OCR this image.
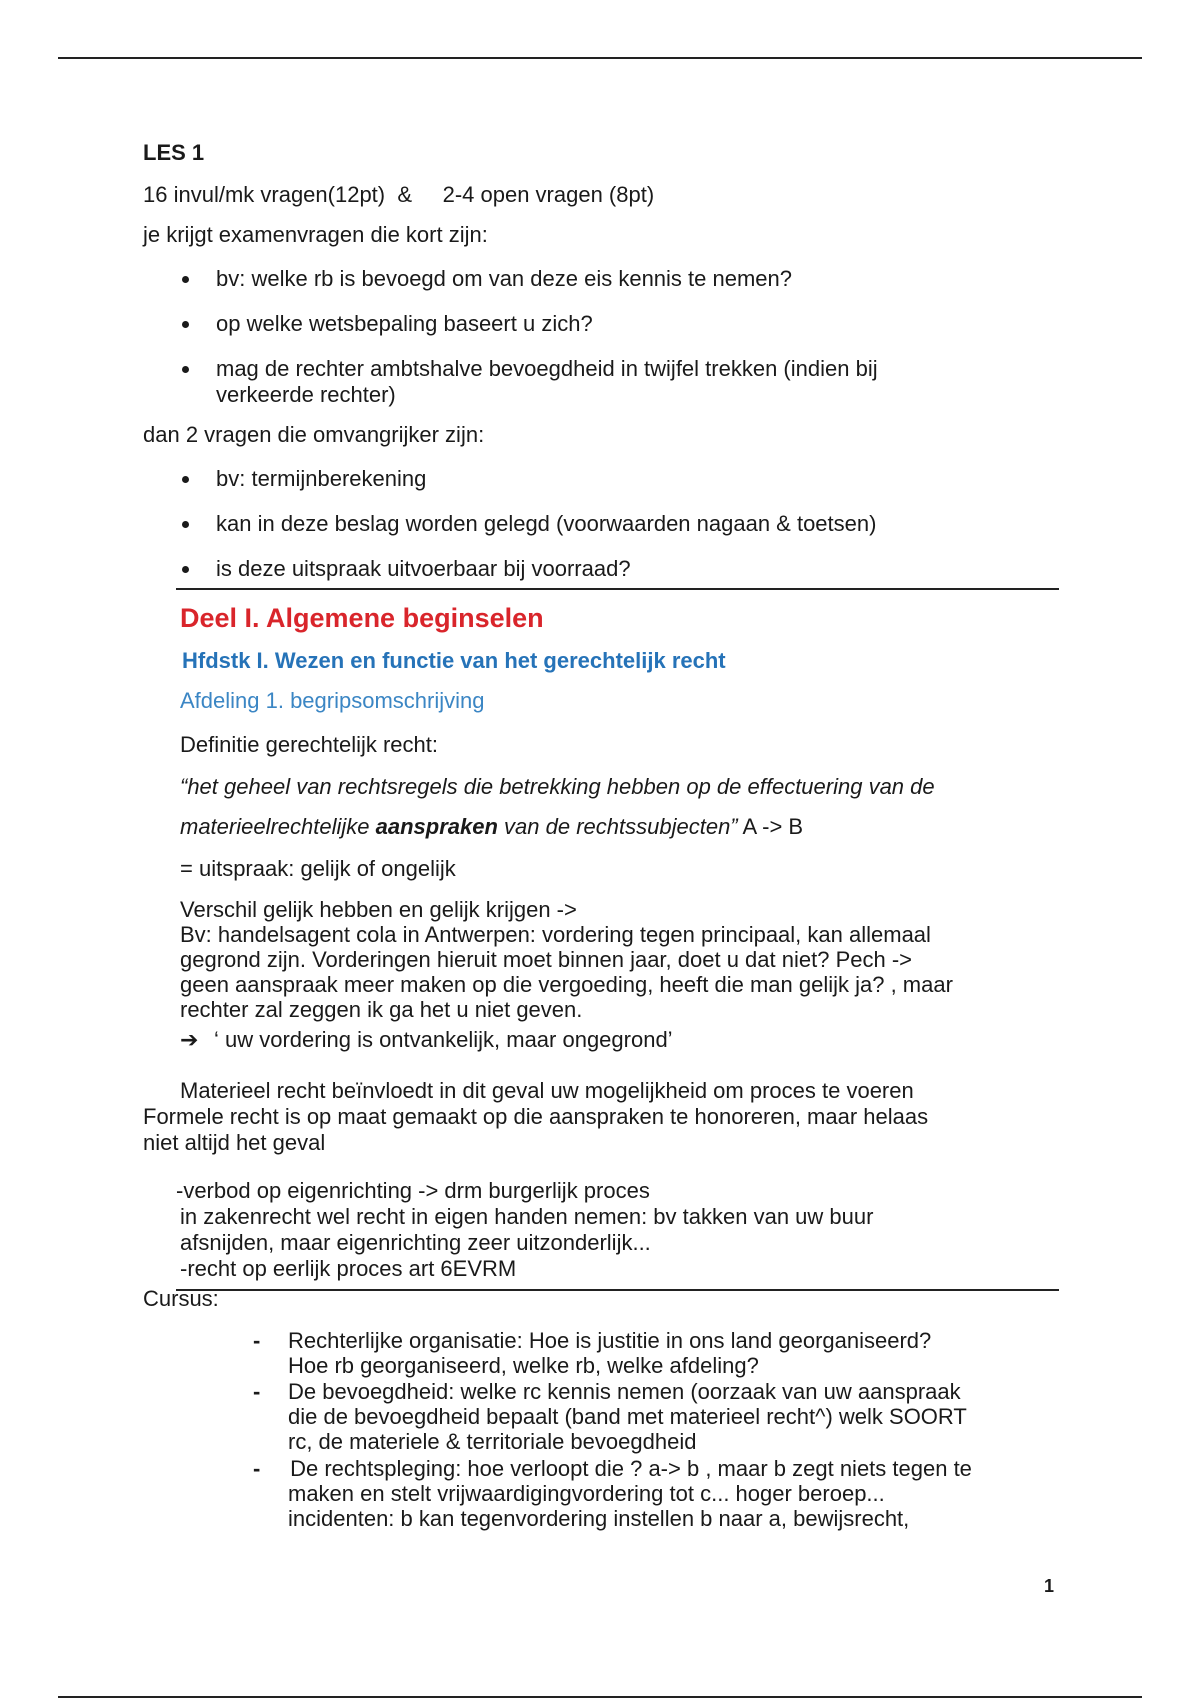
LES 1
16 invul/mk vragen(12pt)  &     2-4 open vragen (8pt)
je krijgt examenvragen die kort zijn:
bv: welke rb is bevoegd om van deze eis kennis te nemen?
op welke wetsbepaling baseert u zich?
mag de rechter ambtshalve bevoegdheid in twijfel trekken (indien bij
verkeerde rechter)
dan 2 vragen die omvangrijker zijn:
bv: termijnberekening
kan in deze beslag worden gelegd (voorwaarden nagaan & toetsen)
is deze uitspraak uitvoerbaar bij voorraad?
Deel I. Algemene beginselen
Hfdstk I. Wezen en functie van het gerechtelijk recht
Afdeling 1. begripsomschrijving
Definitie gerechtelijk recht:
“het geheel van rechtsregels die betrekking hebben op de effectuering van de
materieelrechtelijke aanspraken van de rechtssubjecten” A -> B
= uitspraak: gelijk of ongelijk
Verschil gelijk hebben en gelijk krijgen ->
Bv: handelsagent cola in Antwerpen: vordering tegen principaal, kan allemaal
gegrond zijn. Vorderingen hieruit moet binnen jaar, doet u dat niet? Pech ->
geen aanspraak meer maken op die vergoeding, heeft die man gelijk ja? , maar
rechter zal zeggen ik ga het u niet geven.
➔ ‘ uw vordering is ontvankelijk, maar ongegrond’
Materieel recht beïnvloedt in dit geval uw mogelijkheid om proces te voeren
Formele recht is op maat gemaakt op die aanspraken te honoreren, maar helaas
niet altijd het geval
-verbod op eigenrichting -> drm burgerlijk proces
in zakenrecht wel recht in eigen handen nemen: bv takken van uw buur
afsnijden, maar eigenrichting zeer uitzonderlijk...
-recht op eerlijk proces art 6EVRM
Cursus:
- Rechterlijke organisatie: Hoe is justitie in ons land georganiseerd?
Hoe rb georganiseerd, welke rb, welke afdeling?
- De bevoegdheid: welke rc kennis nemen (oorzaak van uw aanspraak
die de bevoegdheid bepaalt (band met materieel recht^) welk SOORT
rc, de materiele & territoriale bevoegdheid
- De rechtspleging: hoe verloopt die ? a-> b , maar b zegt niets tegen te
maken en stelt vrijwaardigingvordering tot c... hoger beroep...
incidenten: b kan tegenvordering instellen b naar a, bewijsrecht,
1
